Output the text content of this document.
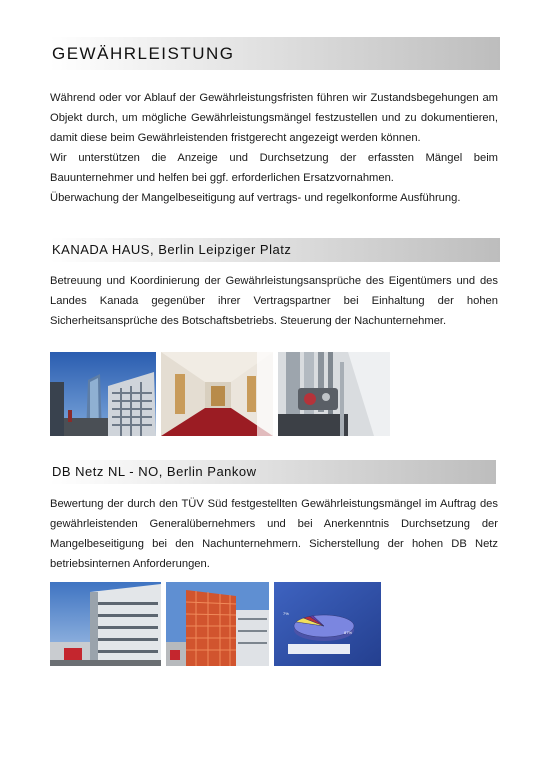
GEWÄHRLEISTUNG

Während oder vor Ablauf der Gewährleistungsfristen führen wir Zustandsbegehungen am Objekt durch, um mögliche Gewährleistungsmängel festzustellen und zu dokumentieren, damit diese beim Gewährleistenden fristgerecht angezeigt werden können.

Wir unterstützen die Anzeige und Durchsetzung der erfassten Mängel beim Bauunternehmer und helfen bei ggf. erforderlichen Ersatzvornahmen.

Überwachung der Mangelbeseitigung auf vertrags- und regelkonforme Ausführung.

KANADA HAUS, Berlin Leipziger Platz

Betreuung und Koordinierung der Gewährleistungsansprüche des Eigentümers und des Landes Kanada gegenüber ihrer Vertragspartner bei Einhaltung der hohen Sicherheitsansprüche des Botschaftsbetriebs. Steuerung der Nachunternehmer.

DB Netz NL - NO, Berlin Pankow

Bewertung der durch den TÜV Süd festgestellten Gewährleistungsmängel im Auftrag des gewährleistenden Generalübernehmers und bei Anerkenntnis Durchsetzung der Mangelbeseitigung bei den Nachunternehmern. Sicherstellung der hohen DB Netz betriebsinternen Anforderungen.

7%
87%
